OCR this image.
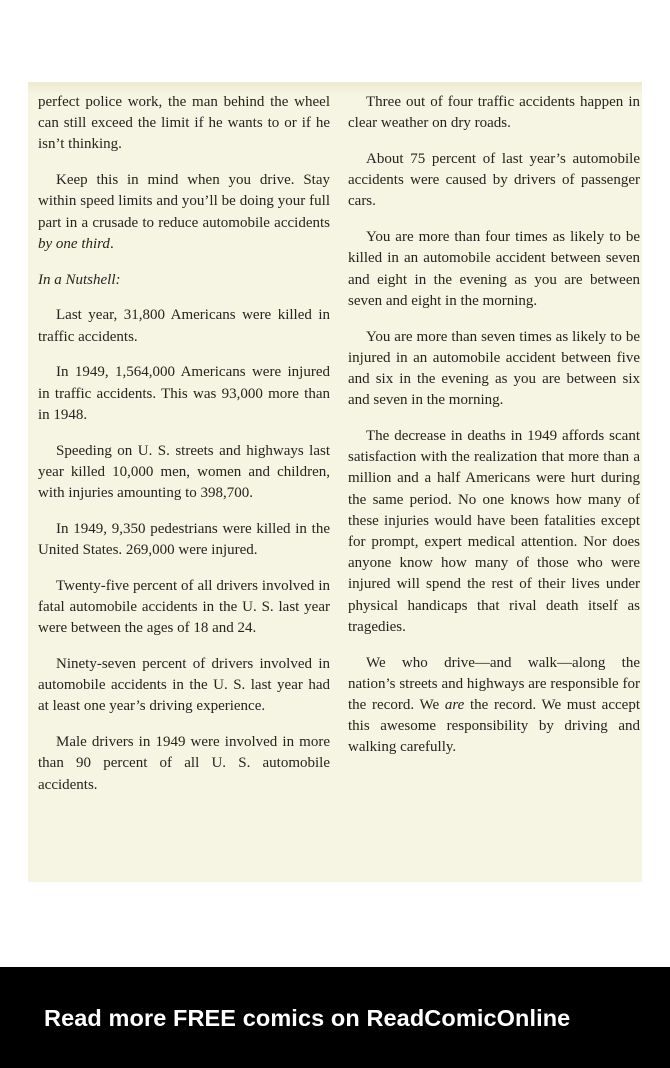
perfect police work, the man behind the wheel can still exceed the limit if he wants to or if he isn’t thinking.

Keep this in mind when you drive. Stay within speed limits and you’ll be doing your full part in a crusade to reduce automobile accidents by one third.

In a Nutshell:

Last year, 31,800 Americans were killed in traffic accidents.

In 1949, 1,564,000 Americans were injured in traffic accidents. This was 93,000 more than in 1948.

Speeding on U. S. streets and highways last year killed 10,000 men, women and children, with injuries amounting to 398,700.

In 1949, 9,350 pedestrians were killed in the United States. 269,000 were injured.

Twenty-five percent of all drivers involved in fatal automobile accidents in the U. S. last year were between the ages of 18 and 24.

Ninety-seven percent of drivers involved in automobile accidents in the U. S. last year had at least one year’s driving experience.

Male drivers in 1949 were involved in more than 90 percent of all U. S. automobile accidents.

Three out of four traffic accidents happen in clear weather on dry roads.

About 75 percent of last year’s automobile accidents were caused by drivers of passenger cars.

You are more than four times as likely to be killed in an automobile accident between seven and eight in the evening as you are between seven and eight in the morning.

You are more than seven times as likely to be injured in an automobile accident between five and six in the evening as you are between six and seven in the morning.

The decrease in deaths in 1949 affords scant satisfaction with the realization that more than a million and a half Americans were hurt during the same period. No one knows how many of these injuries would have been fatalities except for prompt, expert medical attention. Nor does anyone know how many of those who were injured will spend the rest of their lives under physical handicaps that rival death itself as tragedies.

We who drive—and walk—along the nation’s streets and highways are responsible for the record. We are the record. We must accept this awesome responsibility by driving and walking carefully.

Read more FREE comics on ReadComicOnline
